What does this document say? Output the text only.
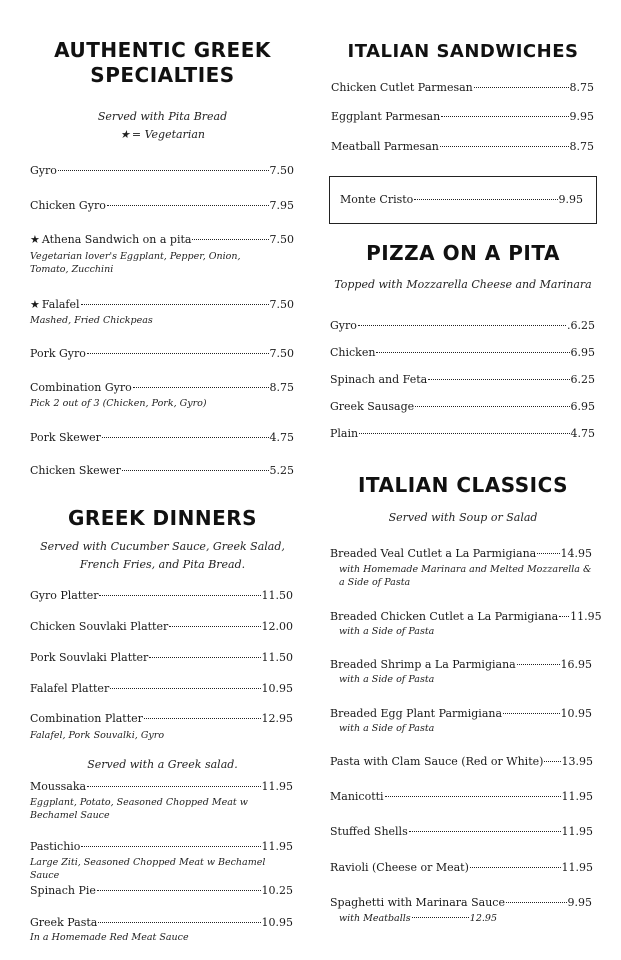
AUTHENTIC GREEK
SPECIALTIES
Served with Pita Bread
★ = Vegetarian
Gyro	7.50
Chicken Gyro	7.95
★ Athena Sandwich on a pita	7.50
Vegetarian lover's Eggplant, Pepper, Onion, Tomato, Zucchini
★ Falafel	7.50
Mashed, Fried Chickpeas
Pork Gyro	7.50
Combination Gyro	8.75
Pick 2 out of 3 (Chicken, Pork, Gyro)
Pork Skewer	4.75
Chicken Skewer	5.25
GREEK DINNERS
Served with Cucumber Sauce, Greek Salad,
French Fries, and Pita Bread.
Gyro Platter	11.50
Chicken Souvlaki Platter	12.00
Pork Souvlaki Platter	11.50
Falafel Platter	10.95
Combination Platter	12.95
Falafel, Pork Souvalki, Gyro
Served with a Greek salad.
Moussaka	11.95
Eggplant, Potato, Seasoned Chopped Meat w Bechamel Sauce
Pastichio	11.95
Large Ziti, Seasoned Chopped Meat w Bechamel Sauce
Spinach Pie	10.25
Greek Pasta	10.95
In a Homemade Red Meat Sauce
ITALIAN SANDWICHES
Chicken Cutlet Parmesan	8.75
Eggplant Parmesan	9.95
Meatball Parmesan	8.75
Monte Cristo	9.95
PIZZA ON A PITA
Topped with Mozzarella Cheese and Marinara
Gyro	.6.25
Chicken	6.95
Spinach and Feta	6.25
Greek Sausage	6.95
Plain	4.75
ITALIAN CLASSICS
Served with Soup or Salad
Breaded Veal Cutlet a La Parmigiana 14.95
with Homemade Marinara and Melted Mozzarella & a Side of Pasta
Breaded Chicken Cutlet a La Parmigiana 11.95
with a Side of Pasta
Breaded Shrimp a La Parmigiana	16.95
with a Side of Pasta
Breaded Egg Plant Parmigiana	10.95
with a Side of Pasta
Pasta with Clam Sauce (Red or White) 13.95
Manicotti	11.95
Stuffed Shells	11.95
Ravioli (Cheese or Meat)	11.95
Spaghetti with Marinara Sauce	9.95
with Meatballs	12.95
